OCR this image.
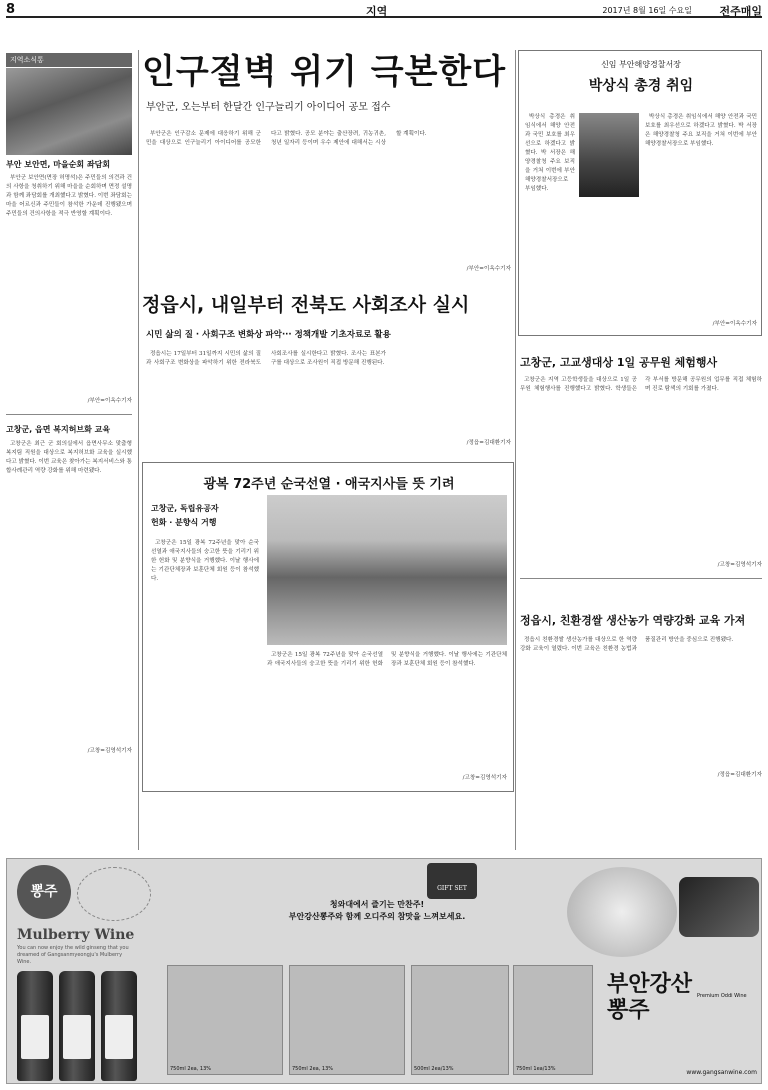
8	지역	2017년 8월 16일 수요일 전주매일
지역소식통
부안 보안면, 마을순회 좌담회

부안군 보안면(면장 허명석)은 주민들의 의견과 건의 사항을 청취하기 위해 마을을 순회하며 면정 설명과 함께 좌담회를 개최했다고 밝혔다. 이번 좌담회는 마을 어르신과 주민들이 참석한 가운데 진행됐으며 주민들의 건의사항을 적극 반영할 계획이다.

/부안=이옥수기자
고창군, 읍면 복지허브화 교육

고창군은 최근 군 회의실에서 읍면사무소 맞춤형복지팀 직원을 대상으로 복지허브화 교육을 실시했다고 밝혔다. 이번 교육은 찾아가는 복지서비스와 통합사례관리 역량 강화를 위해 마련됐다.

/고창=김영석기자
인구절벽 위기 극본한다
부안군, 오는부터 한달간 인구늘리기 아이디어 공모 접수

부안군은 인구감소 문제에 대응하기 위해 군민을 대상으로 인구늘리기 아이디어를 공모한다고 밝혔다. 공모 분야는 출산장려, 귀농귀촌, 청년 일자리 등이며 우수 제안에 대해서는 시상할 계획이다.

/부안=이옥수기자
신임 부안해양경찰서장
박상식 총경 취임

박상식 총경은 취임식에서 해양 안전과 국민 보호를 최우선으로 하겠다고 밝혔다. 박 서장은 해양경찰청 주요 보직을 거쳐 이번에 부안해양경찰서장으로 부임했다.

박상식 총경은 취임식에서 해양 안전과 국민 보호를 최우선으로 하겠다고 밝혔다. 박 서장은 해양경찰청 주요 보직을 거쳐 이번에 부안해양경찰서장으로 부임했다.

/부안=이옥수기자
정읍시, 내일부터 전북도 사회조사 실시
시민 삶의 질 · 사회구조 변화상 파악··· 정책개발 기초자료로 활용

정읍시는 17일부터 31일까지 시민의 삶의 질과 사회구조 변화상을 파악하기 위한 전라북도 사회조사를 실시한다고 밝혔다. 조사는 표본가구를 대상으로 조사원이 직접 방문해 진행된다.

/정읍=김대환기자
광복 72주년 순국선열 · 애국지사들 뜻 기려
고창군, 독립유공자
헌화 · 분향식 거행

고창군은 15일 광복 72주년을 맞아 순국선열과 애국지사들의 숭고한 뜻을 기리기 위한 헌화 및 분향식을 거행했다. 이날 행사에는 기관단체장과 보훈단체 회원 등이 참석했다.

고창군은 15일 광복 72주년을 맞아 순국선열과 애국지사들의 숭고한 뜻을 기리기 위한 헌화 및 분향식을 거행했다. 이날 행사에는 기관단체장과 보훈단체 회원 등이 참석했다.

/고창=김영석기자
고창군, 고교생대상 1일 공무원 체험행사

고창군은 지역 고등학생들을 대상으로 1일 공무원 체험행사를 진행했다고 밝혔다. 학생들은 각 부서를 방문해 공무원의 업무를 직접 체험하며 진로 탐색의 기회를 가졌다.

/고창=김영석기자
정읍시, 친환경쌀 생산농가 역량강화 교육 가져

정읍시 친환경쌀 생산농가를 대상으로 한 역량강화 교육이 열렸다. 이번 교육은 친환경 농법과 품질관리 방안을 중심으로 진행됐다.

/정읍=김대환기자
뽕주
Mulberry Wine
You can now enjoy the wild ginseng that you dreamed of Gangsanmyeongju's Mulberry Wine.
GIFT SET
청와대에서 즐기는 만찬주!
부안강산뽕주와 함께 오디주의 참맛을 느껴보세요.
750ml 2ea, 13%	750ml 2ea, 13%	500ml 2ea/13%	750ml 1ea/13%
부안강산 뽕주
Premium Oddi Wine
www.gangsanwine.com
